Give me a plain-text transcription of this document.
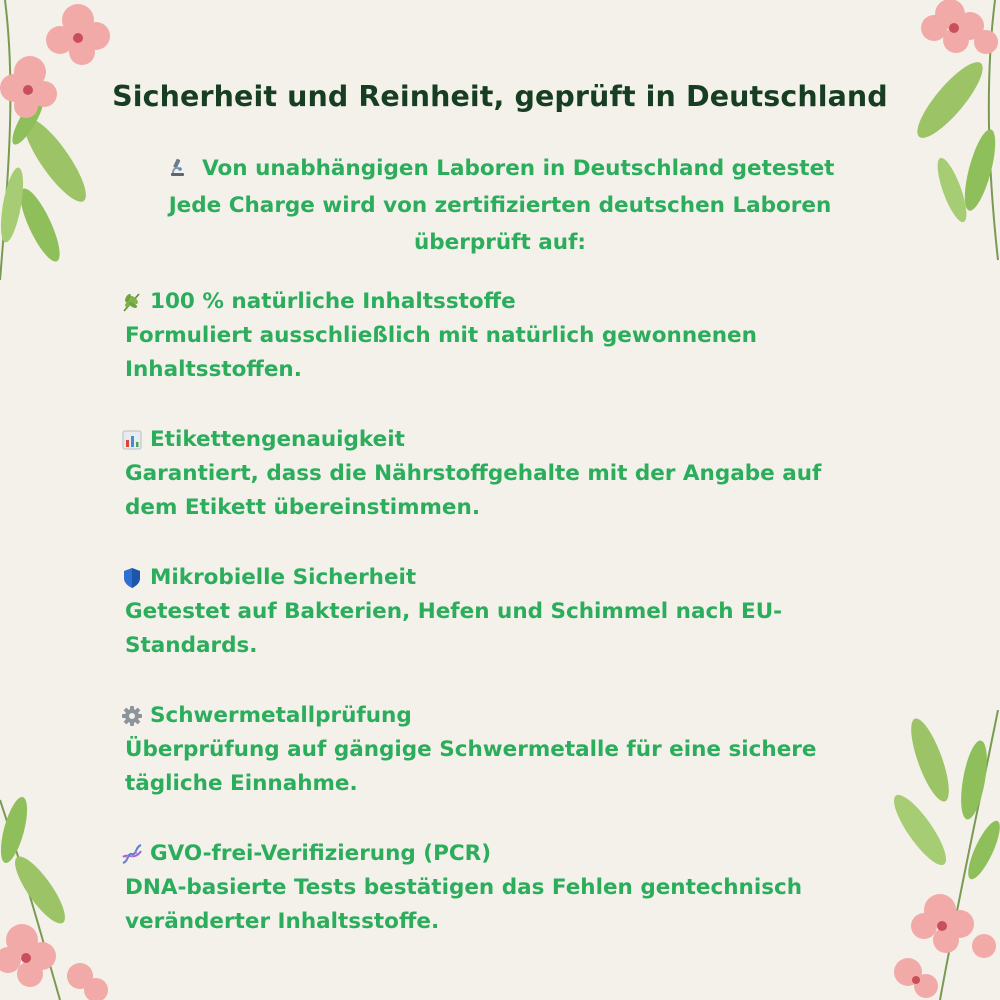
Sicherheit und Reinheit, geprüft in Deutschland
Von unabhängigen Laboren in Deutschland getestet
Jede Charge wird von zertifizierten deutschen Laboren
überprüft auf:
100 % natürliche Inhaltsstoffe
Formuliert ausschließlich mit natürlich gewonnenen Inhaltsstoffen.
Etikettengenauigkeit
Garantiert, dass die Nährstoffgehalte mit der Angabe auf dem Etikett übereinstimmen.
Mikrobielle Sicherheit
Getestet auf Bakterien, Hefen und Schimmel nach EU-Standards.
Schwermetallprüfung
Überprüfung auf gängige Schwermetalle für eine sichere tägliche Einnahme.
GVO-frei-Verifizierung (PCR)
DNA-basierte Tests bestätigen das Fehlen gentechnisch veränderter Inhaltsstoffe.
